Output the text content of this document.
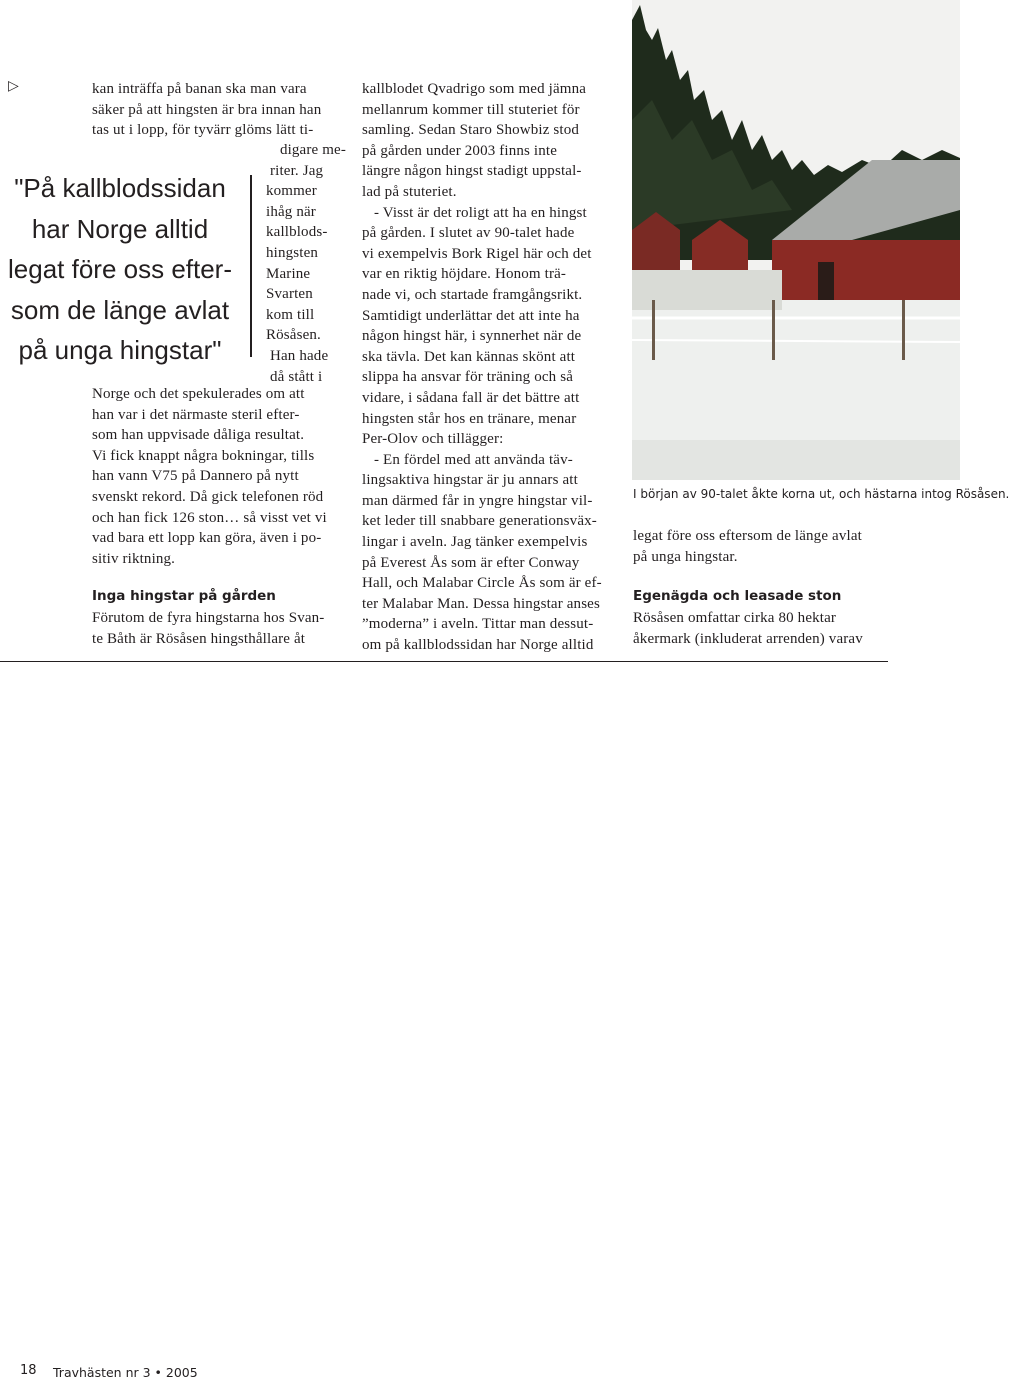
▷	kan inträffa på banan ska man vara
säker på att hingsten är bra innan han
tas ut i lopp, för tyvärr glöms lätt ti-
digare me-
riter. Jag
kommer
ihåg när
kallblods-
hingsten
Marine
Svarten
kom till
Rösåsen.
Han hade
då stått i
"På kallblodssidan
har Norge alltid
legat före oss efter-
som de länge avlat
på unga hingstar"
Norge och det spekulerades om att
han var i det närmaste steril efter-
som han uppvisade dåliga resultat.
Vi fick knappt några bokningar, tills
han vann V75 på Dannero på nytt
svenskt rekord. Då gick telefonen röd
och han fick 126 ston… så visst vet vi
vad bara ett lopp kan göra, även i po-
sitiv riktning.
Inga hingstar på gården
Förutom de fyra hingstarna hos Svan-
te Båth är Rösåsen hingsthållare åt
kallblodet Qvadrigo som med jämna
mellanrum kommer till stuteriet för
samling. Sedan Staro Showbiz stod
på gården under 2003 finns inte
längre någon hingst stadigt uppstal-
lad på stuteriet.
- Visst är det roligt att ha en hingst
på gården. I slutet av 90-talet hade
vi exempelvis Bork Rigel här och det
var en riktig höjdare. Honom trä-
nade vi, och startade framgångsrikt.
Samtidigt underlättar det att inte ha
någon hingst här, i synnerhet när de
ska tävla. Det kan kännas skönt att
slippa ha ansvar för träning och så
vidare, i sådana fall är det bättre att
hingsten står hos en tränare, menar
Per-Olov och tillägger:
- En fördel med att använda täv-
lingsaktiva hingstar är ju annars att
man därmed får in yngre hingstar vil-
ket leder till snabbare generationsväx-
lingar i aveln. Jag tänker exempelvis
på Everest Ås som är efter Conway
Hall, och Malabar Circle Ås som är ef-
ter Malabar Man. Dessa hingstar anses
”moderna” i aveln. Tittar man dessut-
om på kallblodssidan har Norge alltid
I början av 90-talet åkte korna ut, och hästarna intog Rösåsen.
legat före oss eftersom de länge avlat
på unga hingstar.
Egenägda och leasade ston
Rösåsen omfattar cirka 80 hektar
åkermark (inkluderat arrenden) varav
18 Travhästen nr 3 • 2005
